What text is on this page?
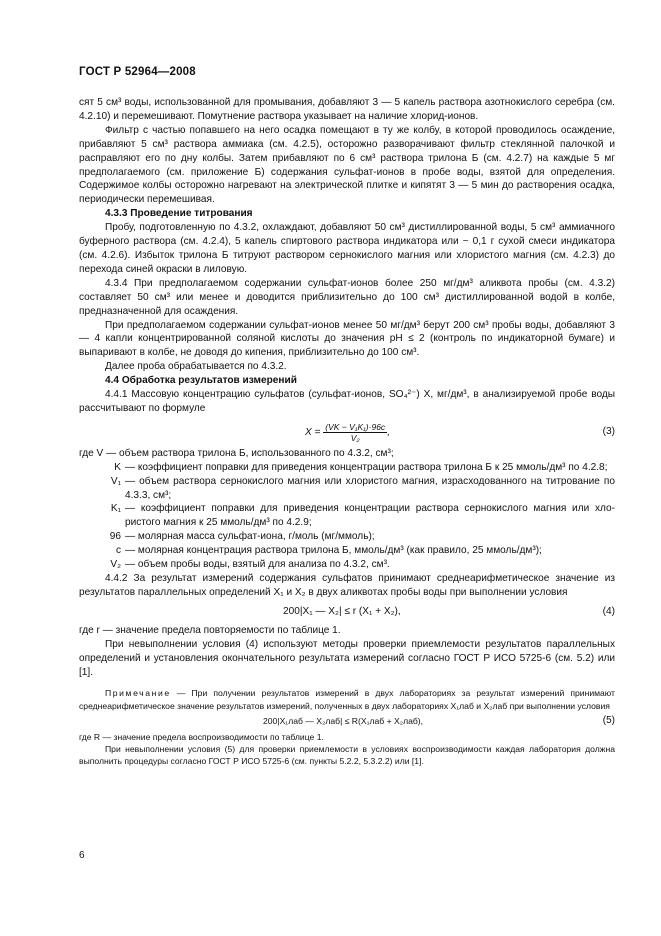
ГОСТ Р 52964—2008

сят 5 см³ воды, использованной для промывания, добавляют 3 — 5 капель раствора азотнокислого серебра (см. 4.2.10) и перемешивают. Помутнение раствора указывает на наличие хлорид-ионов.

Фильтр с частью попавшего на него осадка помещают в ту же колбу, в которой проводилось осаждение, прибавляют 5 см³ раствора аммиака (см. 4.2.5), осторожно разворачивают фильтр стеклянной палочкой и расправляют его по дну колбы. Затем прибавляют по 6 см³ раствора трилона Б (см. 4.2.7) на каждые 5 мг предполагаемого (см. приложение Б) содержания сульфат-ионов в пробе воды, взятой для определения. Содержимое колбы осторожно нагревают на электрической плитке и кипятят 3 — 5 мин до растворения осадка, периодически перемешивая.

4.3.3 Проведение титрования

Пробу, подготовленную по 4.3.2, охлаждают, добавляют 50 см³ дистиллированной воды, 5 см³ аммиачного буферного раствора (см. 4.2.4), 5 капель спиртового раствора индикатора или ~ 0,1 г сухой смеси индикатора (см. 4.2.6). Избыток трилона Б титруют раствором сернокислого магния или хлористого магния (см. 4.2.3) до перехода синей окраски в лиловую.

4.3.4 При предполагаемом содержании сульфат-ионов более 250 мг/дм³ аликвота пробы (см. 4.3.2) составляет 50 см³ или менее и доводится приблизительно до 100 см³ дистиллированной водой в колбе, предназначенной для осаждения.

При предполагаемом содержании сульфат-ионов менее 50 мг/дм³ берут 200 см³ пробы воды, добавляют 3 — 4 капли концентрированной соляной кислоты до значения pH ≤ 2 (контроль по индикаторной бумаге) и выпаривают в колбе, не доводя до кипения, приблизительно до 100 см³.

Далее проба обрабатывается по 4.3.2.

4.4 Обработка результатов измерений

4.4.1 Массовую концентрацию сульфатов (сульфат-ионов, SO₄²⁻) X, мг/дм³, в анализируемой пробе воды рассчитывают по формуле

$X = \frac{\text{(VK − V₁K₁)·96c}}{\text{V₂}}$ ,	(3)

где V — объем раствора трилона Б, использованного по 4.3.2, см³;

K — коэффициент поправки для приведения концентрации раствора трилона Б к 25 ммоль/дм³ по 4.2.8;
V₁ — объем раствора сернокислого магния или хлористого магния, израсходованного на титрование по 4.3.3, см³;
K₁ — коэффициент поправки для приведения концентрации раствора сернокислого магния или хлористого магния к 25 ммоль/дм³ по 4.2.9;
96 — молярная масса сульфат-иона, г/моль (мг/ммоль);
c — молярная концентрация раствора трилона Б, ммоль/дм³ (как правило, 25 ммоль/дм³);
V₂ — объем пробы воды, взятый для анализа по 4.3.2, см³.

4.4.2 За результат измерений содержания сульфатов принимают среднеарифметическое значение из результатов параллельных определений X₁ и X₂ в двух аликвотах пробы воды при выполнении условия

200|X₁ — X₂| ≤ r (X₁ + X₂),	(4)

где r — значение предела повторяемости по таблице 1.

При невыполнении условия (4) используют методы проверки приемлемости результатов параллельных определений и установления окончательного результата измерений согласно ГОСТ Р ИСО 5725-6 (см. 5.2) или [1].

Примечание — При получении результатов измерений в двух лабораториях за результат измерений принимают среднеарифметическое значение результатов измерений, полученных в двух лабораториях X₁лаб и X₂лаб при выполнении условия

200|X₁лаб — X₂лаб| ≤ R(X₁лаб + X₂лаб),	(5)

где R — значение предела воспроизводимости по таблице 1.

При невыполнении условия (5) для проверки приемлемости в условиях воспроизводимости каждая лаборатория должна выполнить процедуры согласно ГОСТ Р ИСО 5725-6 (см. пункты 5.2.2, 5.3.2.2) или [1].

6
